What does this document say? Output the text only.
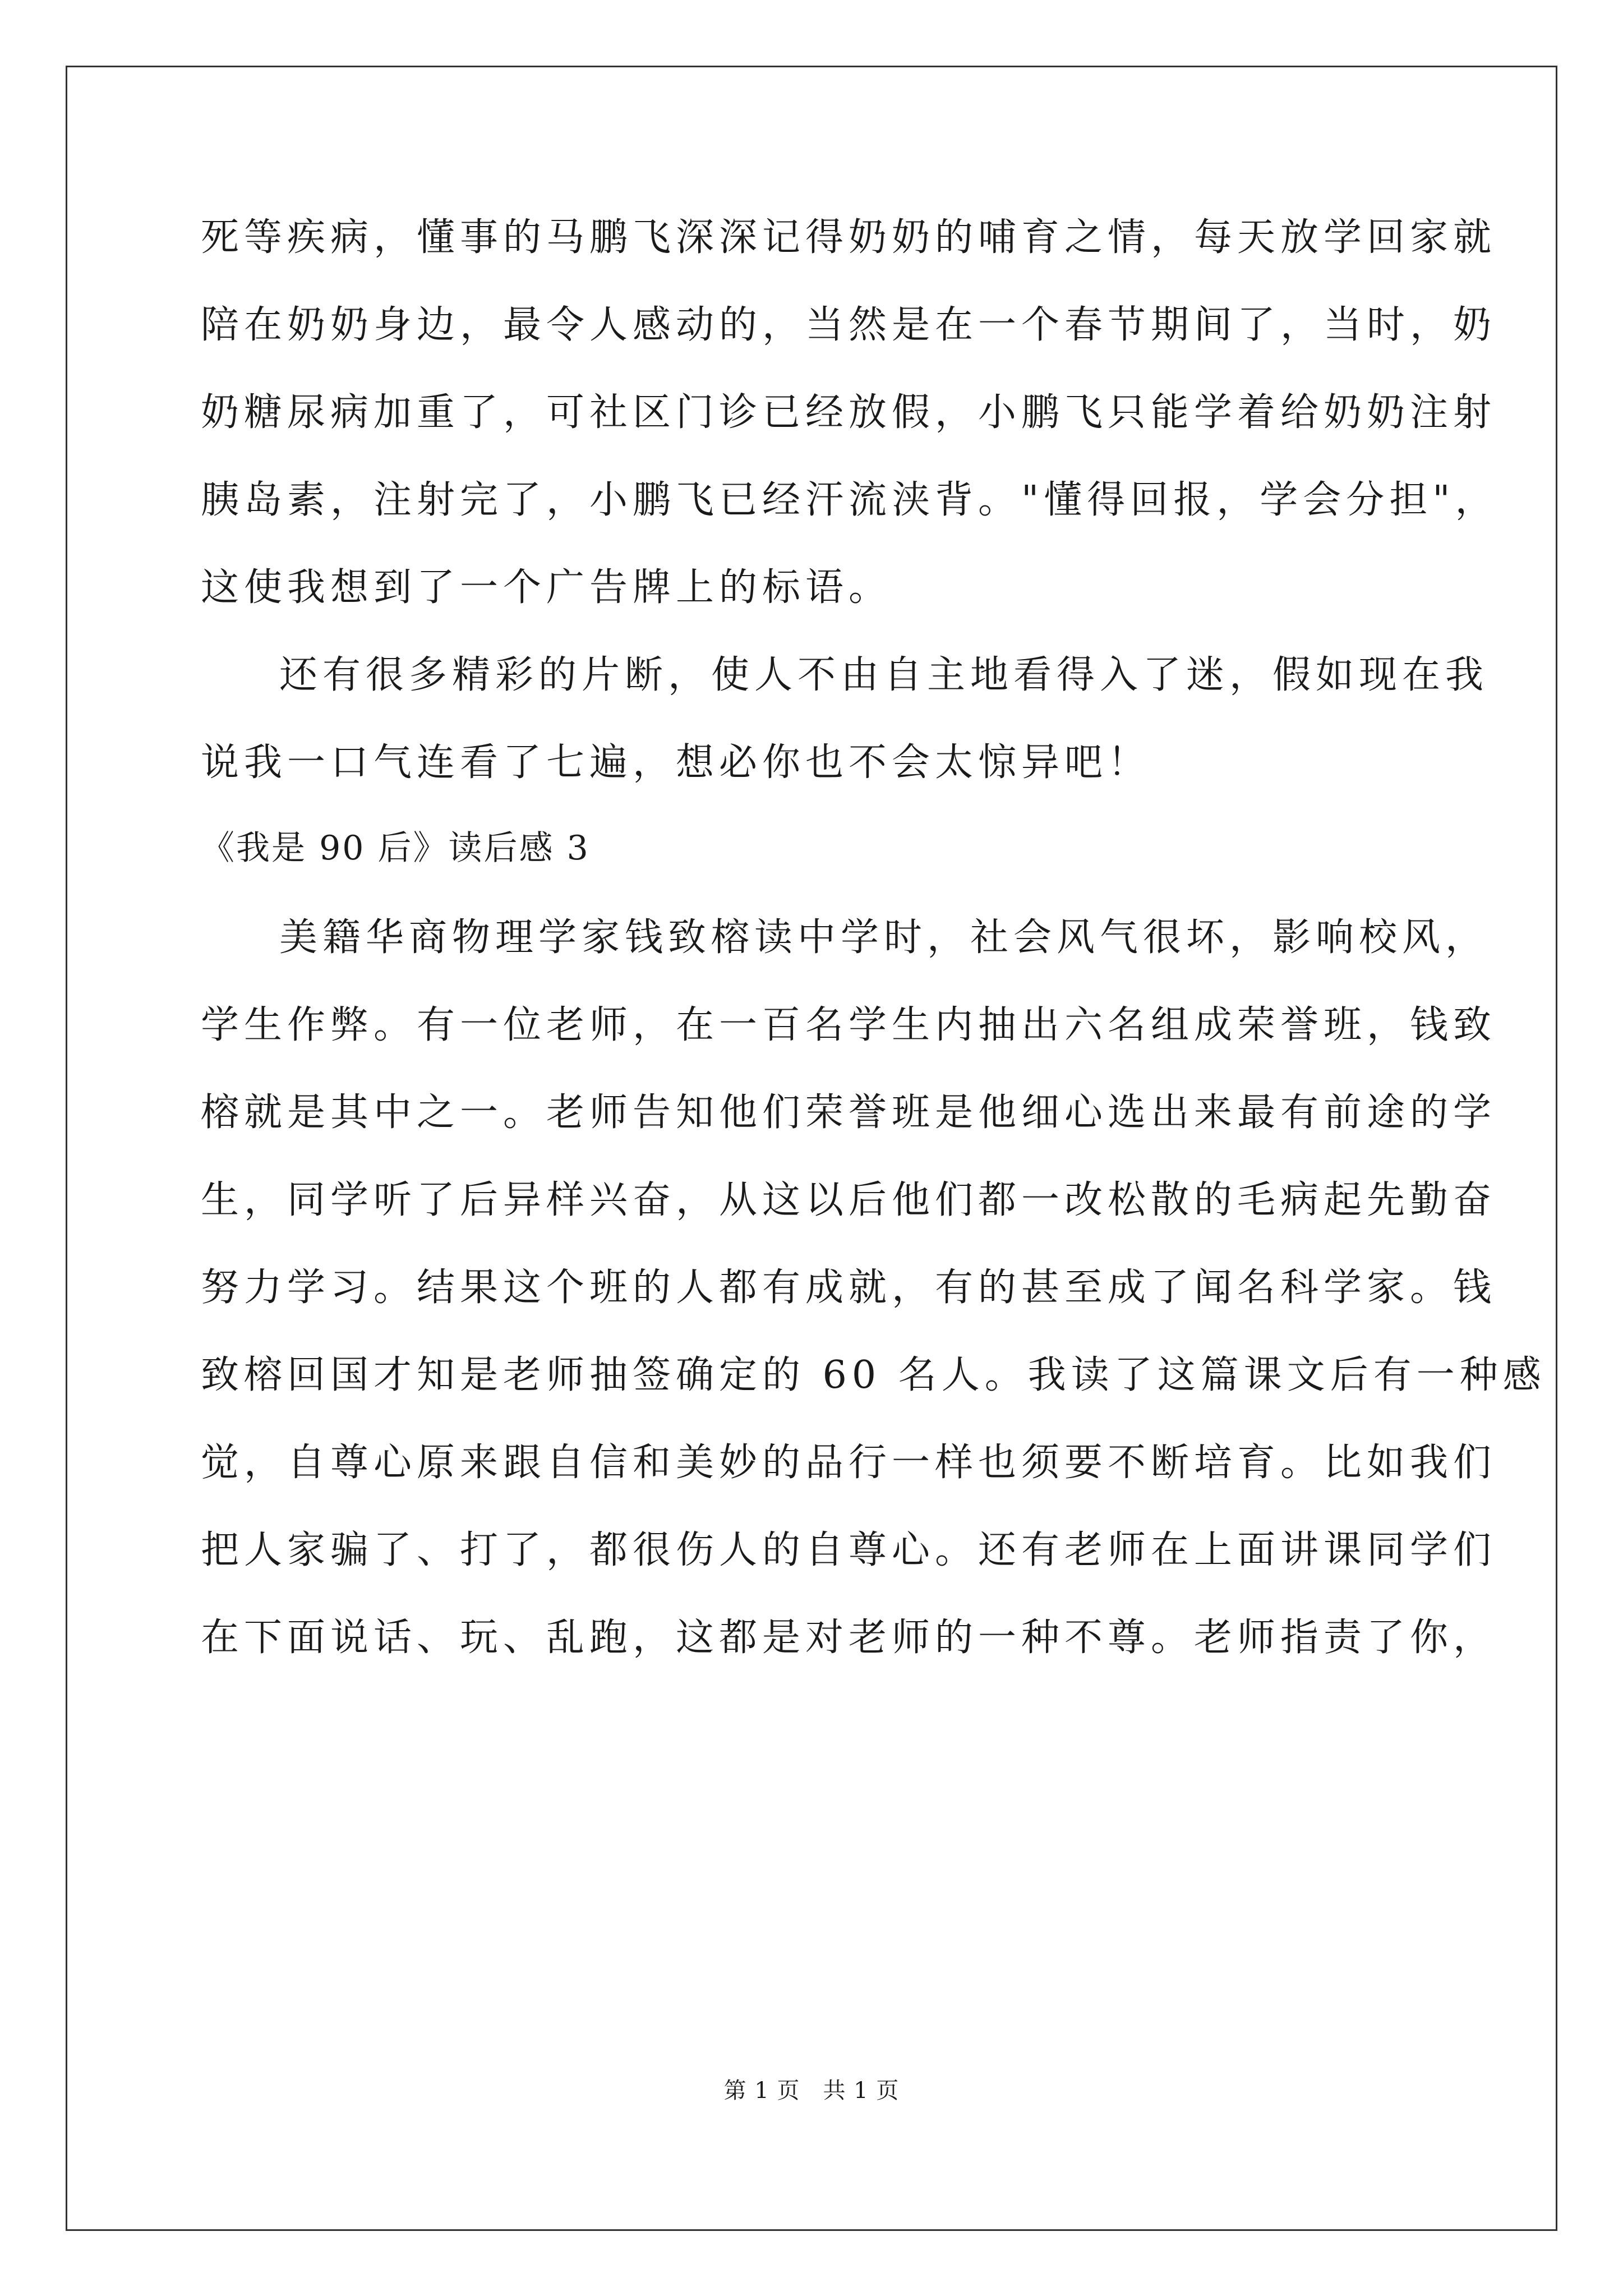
死等疾病，懂事的马鹏飞深深记得奶奶的哺育之情，每天放学回家就
陪在奶奶身边，最令人感动的，当然是在一个春节期间了，当时，奶
奶糖尿病加重了，可社区门诊已经放假，小鹏飞只能学着给奶奶注射
胰岛素，注射完了，小鹏飞已经汗流浃背。"懂得回报，学会分担"，
这使我想到了一个广告牌上的标语。
还有很多精彩的片断，使人不由自主地看得入了迷，假如现在我
说我一口气连看了七遍，想必你也不会太惊异吧！
《我是 90 后》读后感 3
美籍华商物理学家钱致榕读中学时，社会风气很坏，影响校风，
学生作弊。有一位老师，在一百名学生内抽出六名组成荣誉班，钱致
榕就是其中之一。老师告知他们荣誉班是他细心选出来最有前途的学
生，同学听了后异样兴奋，从这以后他们都一改松散的毛病起先勤奋
努力学习。结果这个班的人都有成就，有的甚至成了闻名科学家。钱
致榕回国才知是老师抽签确定的 60 名人。我读了这篇课文后有一种感
觉，自尊心原来跟自信和美妙的品行一样也须要不断培育。比如我们
把人家骗了、打了，都很伤人的自尊心。还有老师在上面讲课同学们
在下面说话、玩、乱跑，这都是对老师的一种不尊。老师指责了你，
第 1 页　共 1 页
